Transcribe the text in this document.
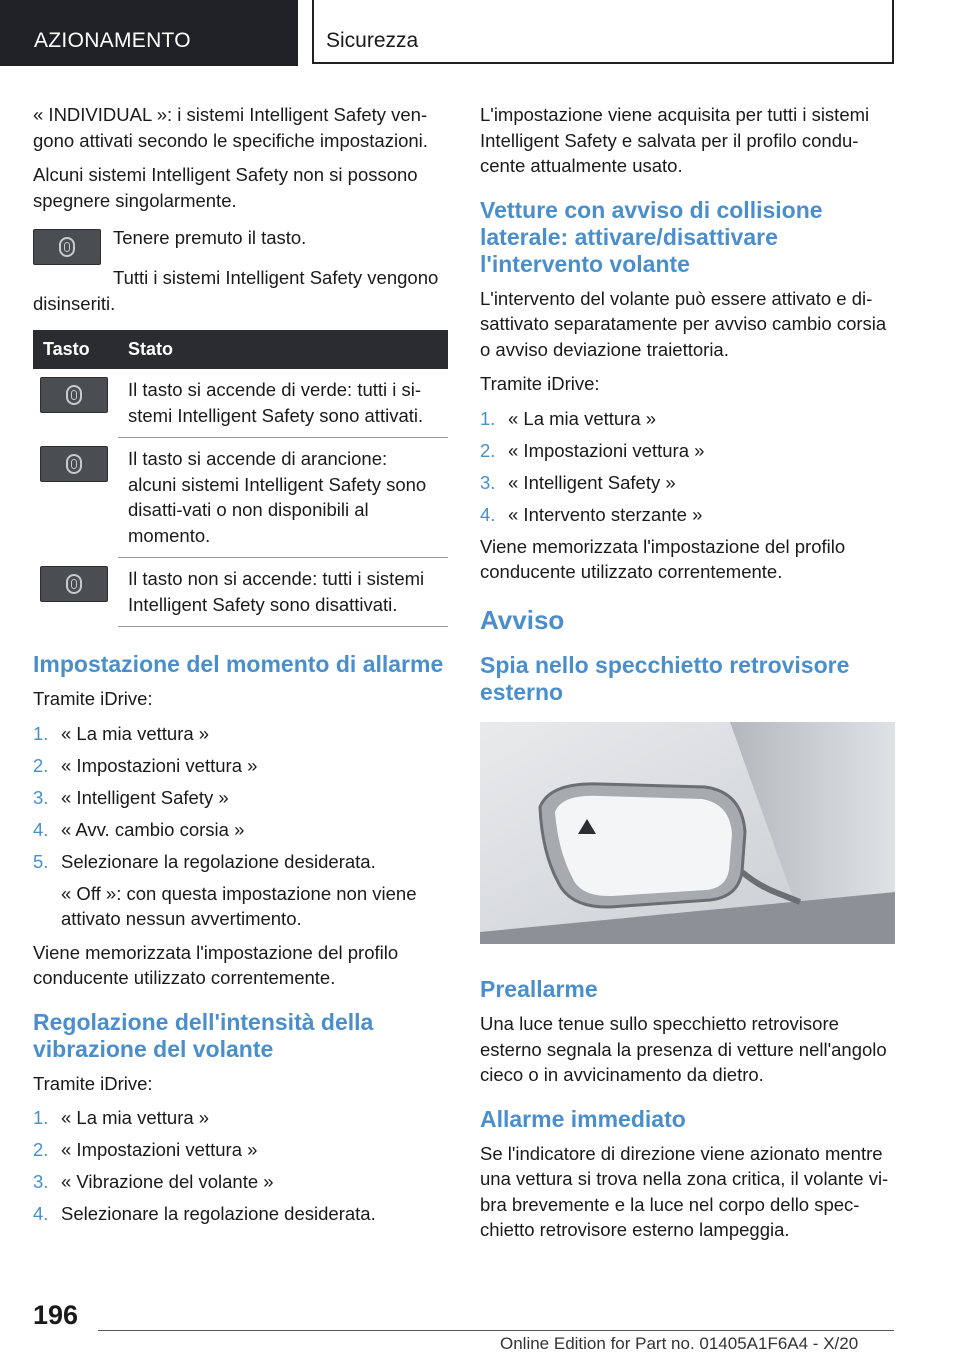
AZIONAMENTO	Sicurezza

« INDIVIDUAL »: i sistemi Intelligent Safety ven-gono attivati secondo le specifiche impostazioni.

Alcuni sistemi Intelligent Safety non si possono spegnere singolarmente.

Tenere premuto il tasto.

Tutti i sistemi Intelligent Safety vengono disinseriti.

Tasto	Stato

	Il tasto si accende di verde: tutti i si-stemi Intelligent Safety sono attivati.

	Il tasto si accende di arancione: alcuni sistemi Intelligent Safety sono disatti-vati o non disponibili al momento.

	Il tasto non si accende: tutti i sistemi Intelligent Safety sono disattivati.
Impostazione del momento di allarme

Tramite iDrive:

1. « La mia vettura »
2. « Impostazioni vettura »
3. « Intelligent Safety »
4. « Avv. cambio corsia »
5. Selezionare la regolazione desiderata.

« Off »: con questa impostazione non viene attivato nessun avvertimento.

Viene memorizzata l'impostazione del profilo conducente utilizzato correntemente.

Regolazione dell'intensità della vibrazione del volante

Tramite iDrive:

1. « La mia vettura »
2. « Impostazioni vettura »
3. « Vibrazione del volante »
4. Selezionare la regolazione desiderata.

L'impostazione viene acquisita per tutti i sistemi Intelligent Safety e salvata per il profilo condu-cente attualmente usato.

Vetture con avviso di collisione laterale: attivare/disattivare l'intervento volante

L'intervento del volante può essere attivato e di-sattivato separatamente per avviso cambio corsia o avviso deviazione traiettoria.

Tramite iDrive:

1. « La mia vettura »
2. « Impostazioni vettura »
3. « Intelligent Safety »
4. « Intervento sterzante »

Viene memorizzata l'impostazione del profilo conducente utilizzato correntemente.

Avviso
Spia nello specchietto retrovisore esterno
Preallarme

Una luce tenue sullo specchietto retrovisore esterno segnala la presenza di vetture nell'angolo cieco o in avvicinamento da dietro.

Allarme immediato

Se l'indicatore di direzione viene azionato mentre una vettura si trova nella zona critica, il volante vi-bra brevemente e la luce nel corpo dello spec-chietto retrovisore esterno lampeggia.

196
Online Edition for Part no. 01405A1F6A4 - X/20
